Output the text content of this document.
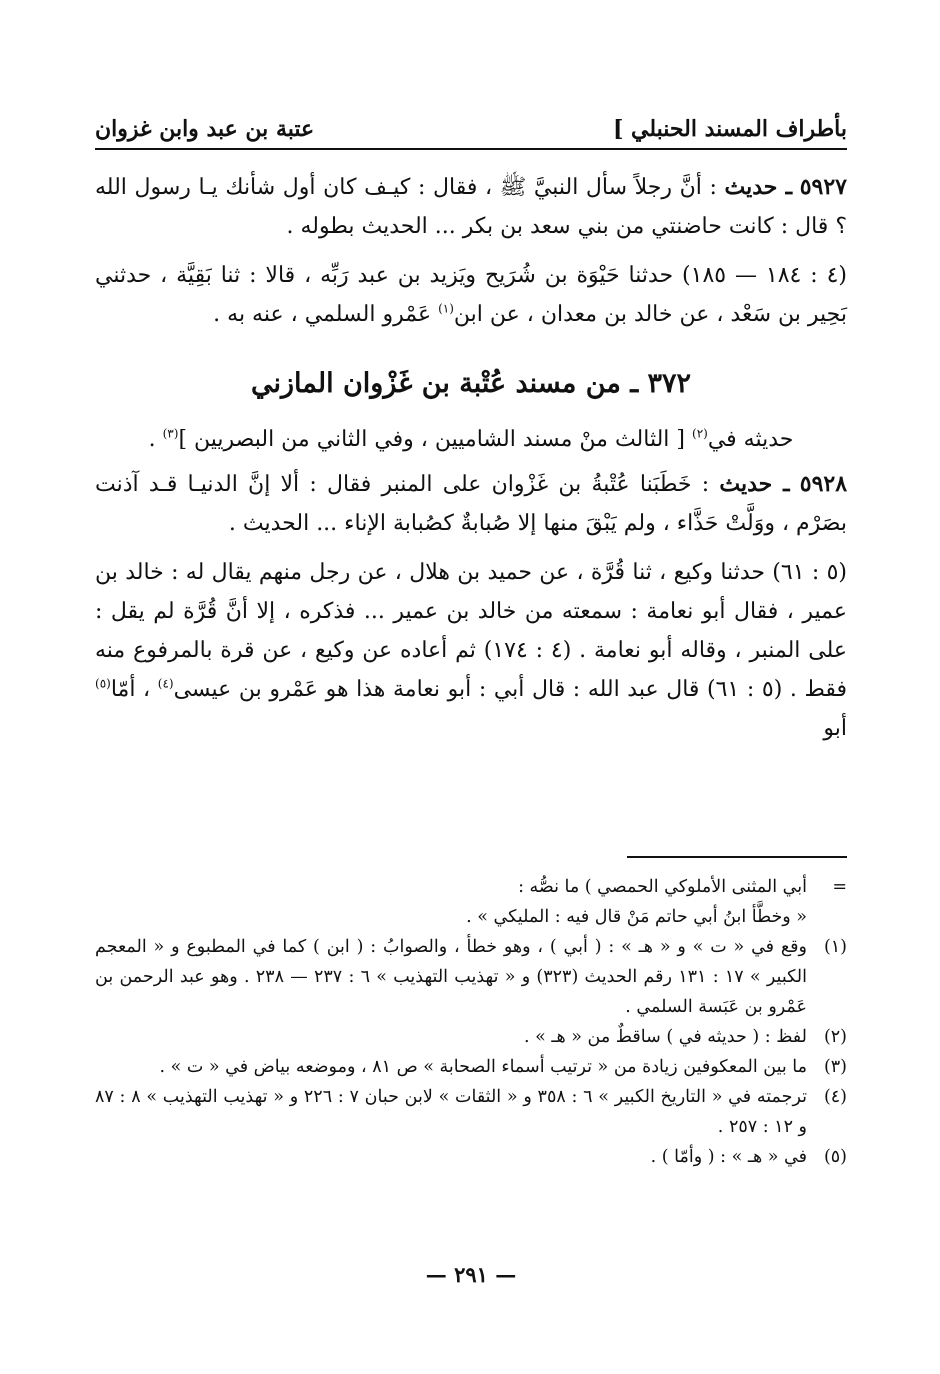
بأطراف المسند الحنبلي ]
عتبة بن عبد وابن غزوان

٥٩٢٧ ـ حديث : أنَّ رجلاً سأل النبيَّ ﷺ ، فقال : كيـف كان أول شأنك يـا رسول الله ؟ قال : كانت حاضنتي من بني سعد بن بكر ... الحديث بطوله .

(٤ : ١٨٤ — ١٨٥) حدثنا حَيْوَة بن شُرَيح ويَزيد بن عبد رَبِّه ، قالا : ثنا بَقِيَّة ، حدثني بَحِير بن سَعْد ، عن خالد بن معدان ، عن ابن$^{(١)}$ عَمْرو السلمي ، عنه به .

٣٧٢ ـ من مسند عُتْبة بن غَزْوان المازني

حديثه في$^{(٢)}$ [ الثالث منْ مسند الشاميين ، وفي الثاني من البصريين ]$^{(٣)}$ .

٥٩٢٨ ـ حديث : خَطَبَنا عُتْبةُ بن غَزْوان على المنبر فقال : ألا إنَّ الدنيـا قـد آذنت بصَرْم ، ووَلَّتْ حَذَّاء ، ولم يَبْقَ منها إلا صُبابةٌ كصُبابة الإناء ... الحديث .

(٥ : ٦١) حدثنا وكيع ، ثنا قُرَّة ، عن حميد بن هلال ، عن رجل منهم يقال له : خالد بن عمير ، فقال أبو نعامة : سمعته من خالد بن عمير ... فذكره ، إلا أنَّ قُرَّة لم يقل : على المنبر ، وقاله أبو نعامة . (٤ : ١٧٤) ثم أعاده عن وكيع ، عن قرة بالمرفوع منه فقط . (٥ : ٦١) قال عبد الله : قال أبي : أبو نعامة هذا هو عَمْرو بن عيسى$^{(٤)}$ ، أمّا$^{(٥)}$ أبو

=
أبي المثنى الأملوكي الحمصي ) ما نصُّه :

« وخطَّأ ابنُ أبي حاتم مَنْ قال فيه : المليكي » .

(١)
وقع في « ت » و « هـ » : ( أبي ) ، وهو خطأ ، والصوابُ : ( ابن ) كما في المطبوع و « المعجم الكبير » ١٧ : ١٣١ رقم الحديث (٣٢٣) و « تهذيب التهذيب » ٦ : ٢٣٧ — ٢٣٨ . وهو عبد الرحمن بن عَمْرو بن عَبَسة السلمي .
(٢)
لفظ : ( حديثه في ) ساقطٌ من « هـ » .
(٣)
ما بين المعكوفين زيادة من « ترتيب أسماء الصحابة » ص ٨١ ، وموضعه بياض في « ت » .
(٤)
ترجمته في « التاريخ الكبير » ٦ : ٣٥٨ و « الثقات » لابن حبان ٧ : ٢٢٦ و « تهذيب التهذيب » ٨ : ٨٧ و ١٢ : ٢٥٧ .
(٥)
في « هـ » : ( وأمّا ) .
— ٢٩١ —
